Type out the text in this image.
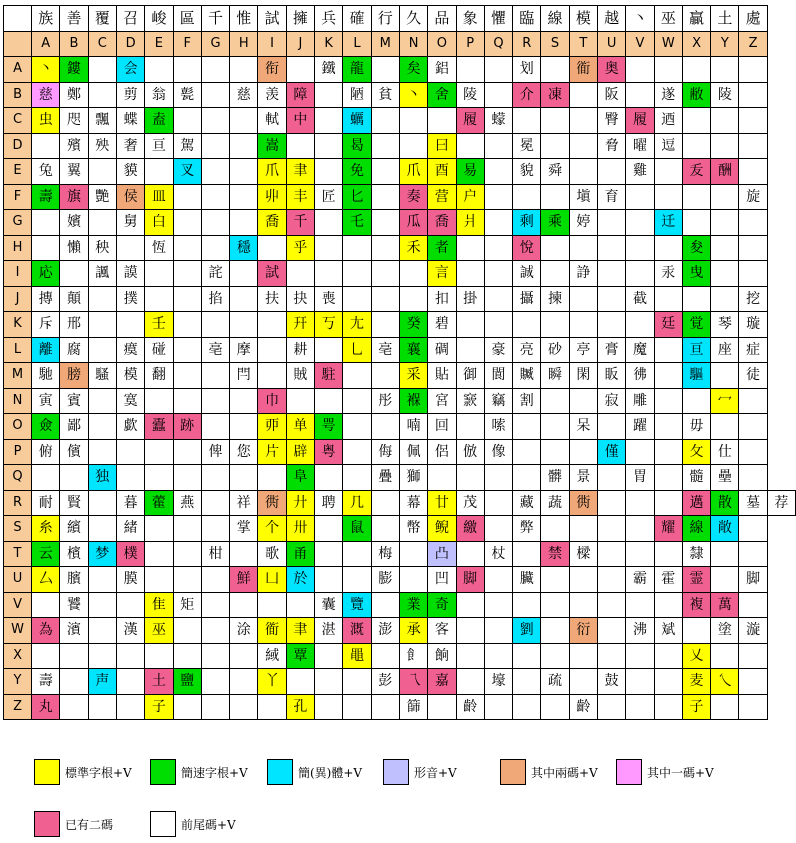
	族	善	覆	召	峻	區	千	惟	試	擁	兵	確	行	久	品	象	懼	臨	線	模	越	丶	巫	贏	土	處	
	A	B	C	D	E	F	G	H	I	J	K	L	M	N	O	P	Q	R	S	T	U	V	W	X	Y	Z	
A	丶	鏤		会					衔		鐵	龍		矣	鋁			划		衜	奥						
B	慈	鄭		剪	翁	甏		慈	羡	障		陋	貧	丶	舍	陵		介	凍		阪		遂	敝	陵		
C	虫	咫	飄	蝶	盍				軾	中		蠣				履	蠓				臀	履	迺				
D		殯	殃	奢	亘	駕			嵩			曷			曰			冕			脅	曜	逗				
E	兔	翼		貘		叉			爪	聿		免		爪	酉	易		貌	舜			雞		叐	酬		
F	壽	旗	艷	侯	皿				丱	丰	匠	匕		奏	营	户				塡	育					旋	
G		嬪		舅	白				喬	千		乇		瓜	喬	爿		剩	乘	婷			迁				
H		懶	秧		恆			穩		乎				禾	者			悅						夋			
I	応		諷	謨			詫		試						言			誠		諍			汞	曳			
J	摶	顛		撲			掐		扶	抉	喪				扣	掛		攝	揀			截				挖	
K	斥	邢			壬					幵	丂	尢		癸	碧								廷	覚	琴	璇	
L	離	腐		瘼	碰		亳	摩		耕		乚	亳	襄	碉		豪	亮	砂	亭	膏	魔		亘	座	症	
M	馳	膀	騷	模	翻			閂		賊	駐			采	貼	御	閬	贓	瞬	閑	眅	彿		驅		徒	
N	寅	賓		寞					巾				彤	褓	宮	窾	竊	割			寂	雕			冖		
O	僉	鄙		歔	蠹	跡			丣	单	咢			喃	回		嗦			呆		躍		毋			
P	俯	儐					俾	您	片	辟	粤		侮	佩	侶	倣	像				僅			攵	仕		
Q			独							阜			疊	獅					髒	景		胃		髓	壘		
R	耐	賢		暮	藿	燕		祥	衖	廾	聘	几		幕	廿	茂		藏	蔬	衖				邁	散	墓	荐
S	糸	繽		緒				掌	个	卅		鼠		幣	鲵	繳		弊					耀	線	敞		
T	云	檳	梦	樸			柑		歌	甬			梅		凸		杖		禁	樑				隸			
U	厶	臏		膜				鮮	凵	於			膨		凹	脚		臟				霸	霍	霊		脚	
V		饕			隹	矩					囊	覽		業	奇									複	萬		
W	為	濱		漢	巫			涂	衜	聿	湛	溉	澎	承	客			劉		衍		沸	斌		塗	漩	
X									緎	覃		黽		飠	餉									乂			
Y	壽		声		土	鹽			丫				彭	乁	嘉		壕		疏		鼓			麦	乀		
Z	丸				子					孔				篩		齡				齡				子			
標準字根+V	簡速字根+V	簡(異)體+V	形音+V	其中兩碼+V	其中一碼+V
已有二碼	前尾碼+V
